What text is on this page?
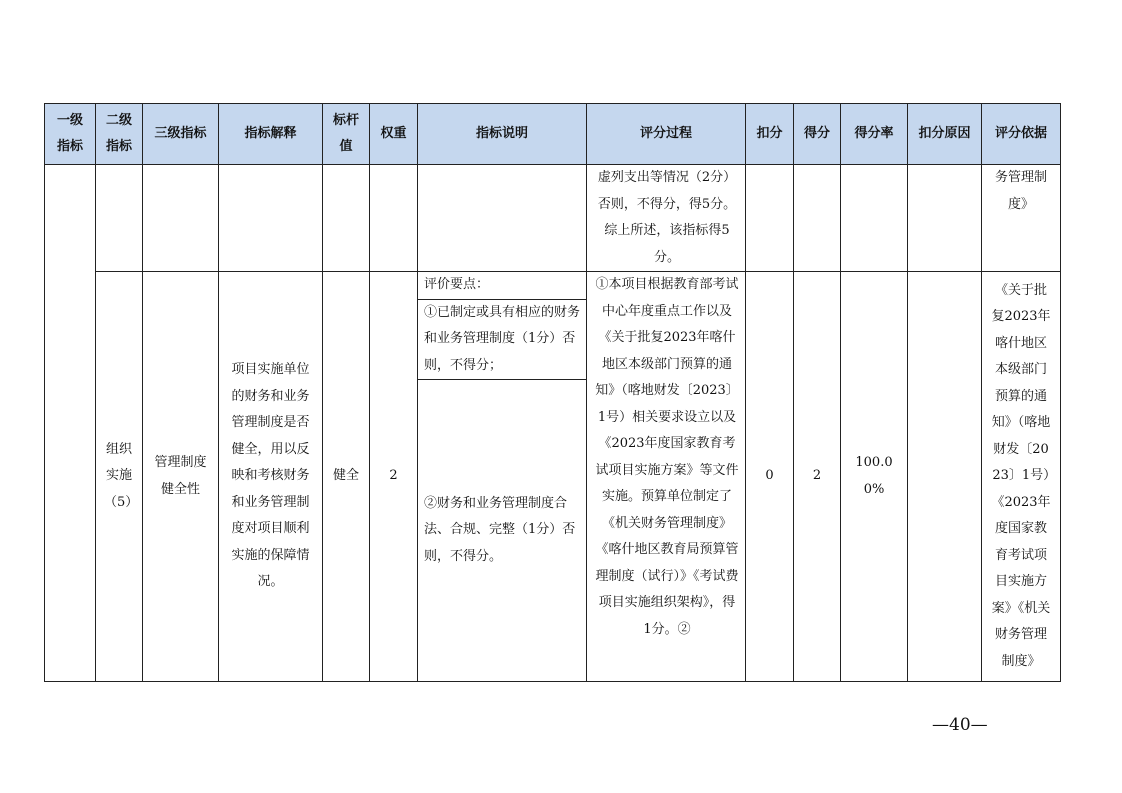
一级指标	二级指标	三级指标	指标解释	标杆值	权重	指标说明	评分过程	扣分	得分	得分率	扣分原因	评分依据

							虚列支出等情况（2分）否则，不得分，得5分。综上所述，该指标得5分。					务管理制度》

	组织实施（5）	管理制度健全性	项目实施单位的财务和业务管理制度是否健全，用以反映和考核财务和业务管理制度对项目顺利实施的保障情况。	健全	2	评价要点：
①已制定或具有相应的财务和业务管理制度（1分）否则，不得分；
②财务和业务管理制度合法、合规、完整（1分）否则，不得分。	①本项目根据教育部考试中心年度重点工作以及《关于批复2023年喀什地区本级部门预算的通知》（喀地财发〔2023〕1号）相关要求设立以及《2023年度国家教育考试项目实施方案》等文件实施。预算单位制定了《机关财务管理制度》《喀什地区教育局预算管理制度（试行）》《考试费项目实施组织架构》，得1分。②	0	2	100.00%		《关于批复2023年喀什地区本级部门预算的通知》（喀地财发〔2023〕1号）《2023年度国家教育考试项目实施方案》《机关财务管理制度》
—40—
